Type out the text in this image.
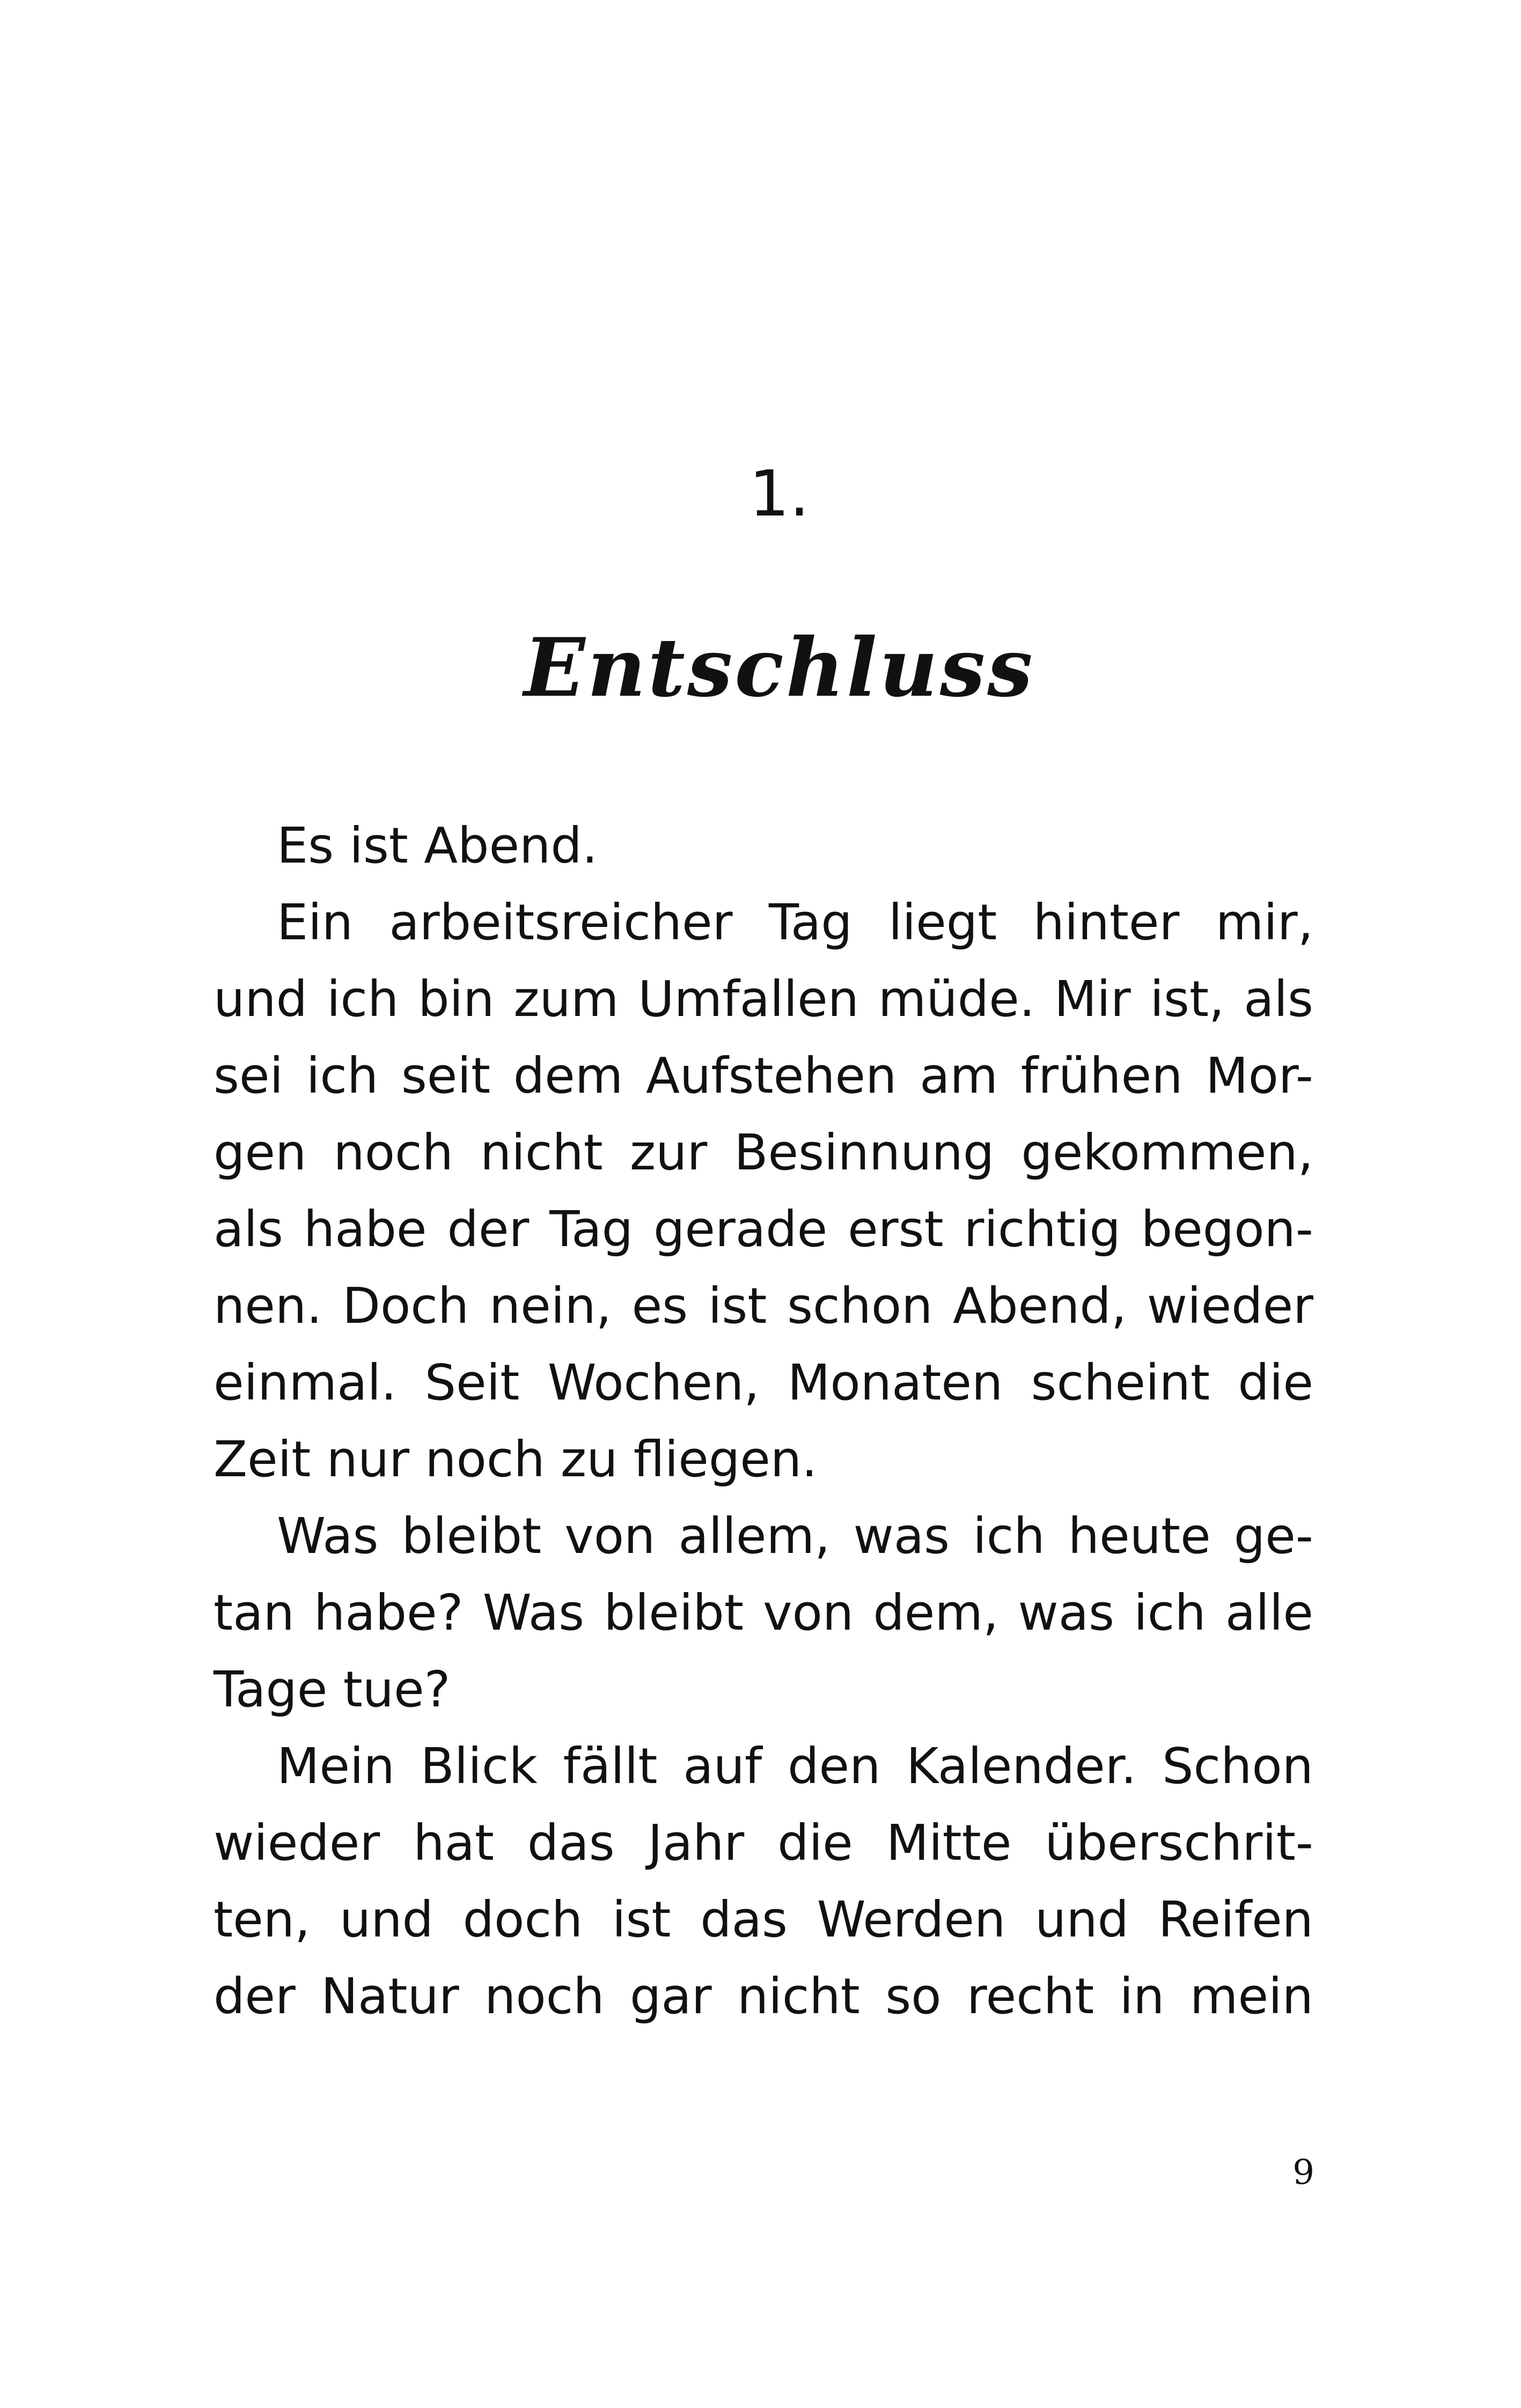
1.
Entschluss
Es ist Abend.
Ein arbeitsreicher Tag liegt hinter mir,
und ich bin zum Umfallen müde. Mir ist, als
sei ich seit dem Aufstehen am frühen Mor-
gen noch nicht zur Besinnung gekommen,
als habe der Tag gerade erst richtig begon-
nen. Doch nein, es ist schon Abend, wieder
einmal. Seit Wochen, Monaten scheint die
Zeit nur noch zu fliegen.
Was bleibt von allem, was ich heute ge-
tan habe? Was bleibt von dem, was ich alle
Tage tue?
Mein Blick fällt auf den Kalender. Schon
wieder hat das Jahr die Mitte überschrit-
ten, und doch ist das Werden und Reifen
der Natur noch gar nicht so recht in mein
9
